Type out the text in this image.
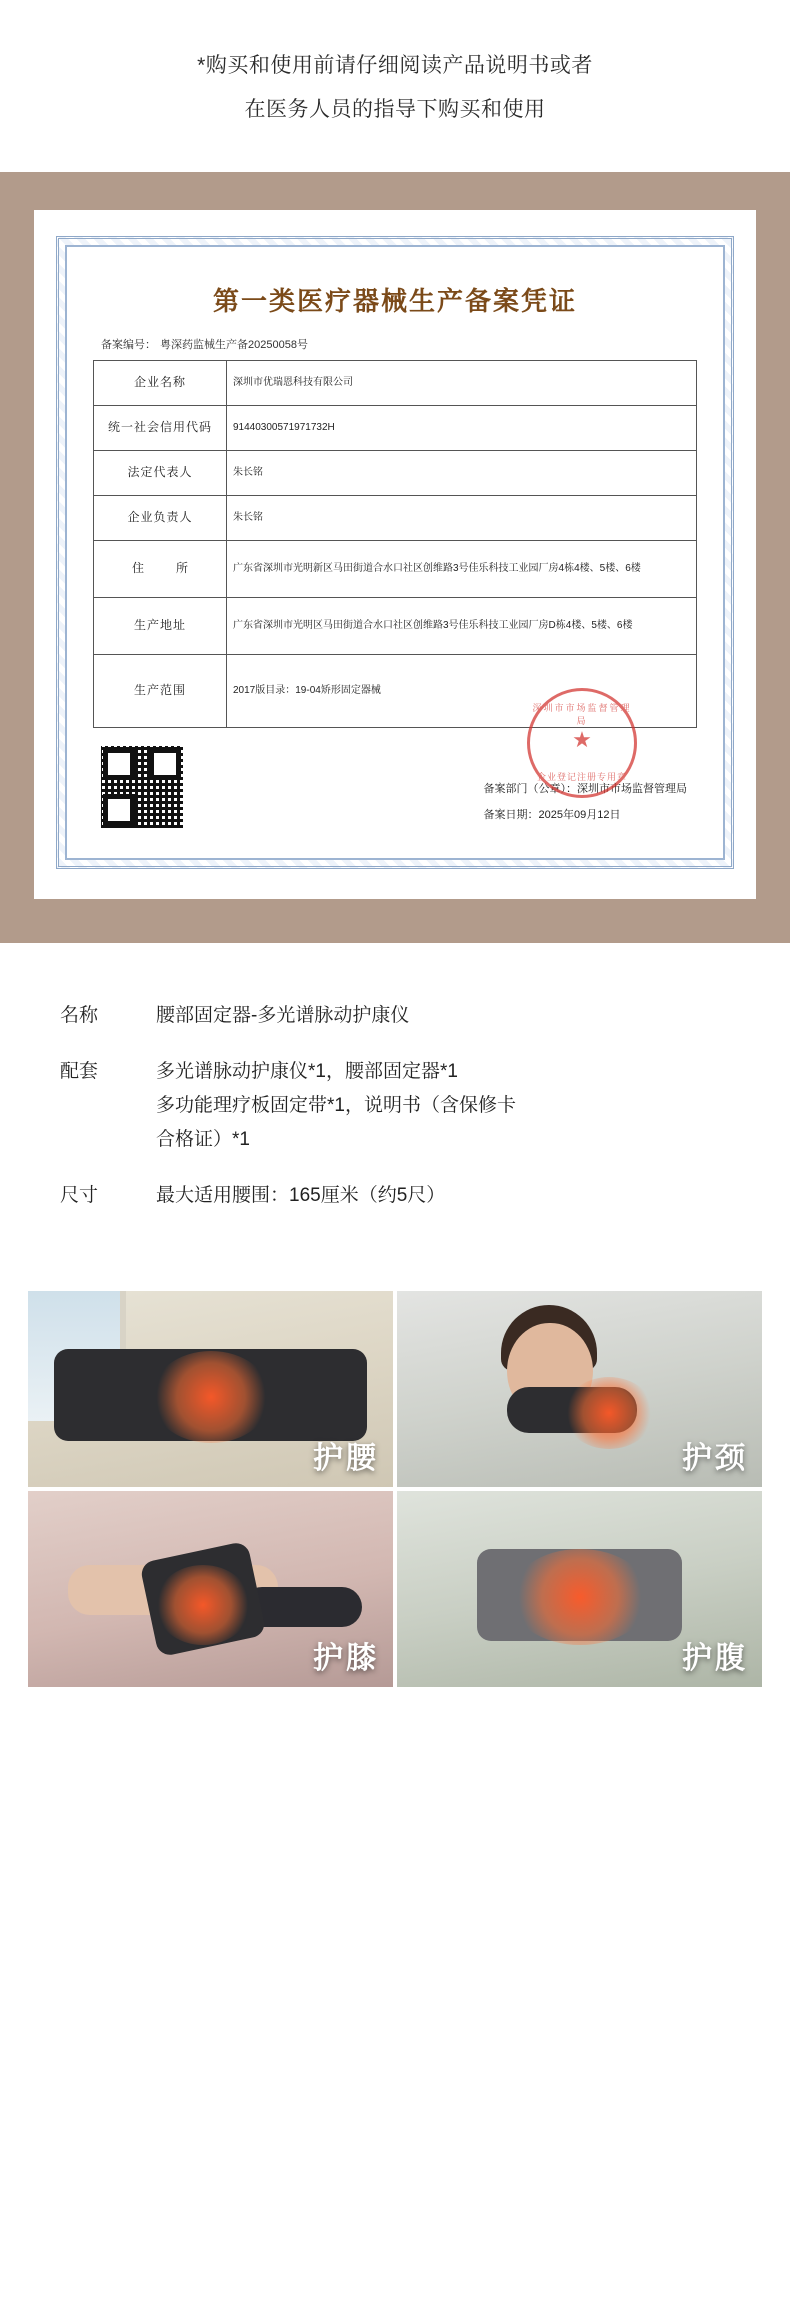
*购买和使用前请仔细阅读产品说明书或者
在医务人员的指导下购买和使用
第一类医疗器械生产备案凭证
备案编号： 粤深药监械生产备20250058号
企业名称	深圳市优瑞恩科技有限公司
统一社会信用代码	91440300571971732H
法定代表人	朱长铭
企业负责人	朱长铭
住　所	广东省深圳市光明新区马田街道合水口社区创维路3号佳乐科技工业园厂房4栋4楼、5楼、6楼
生产地址	广东省深圳市光明区马田街道合水口社区创维路3号佳乐科技工业园厂房D栋4楼、5楼、6楼
生产范围	2017版目录：19-04矫形固定器械
备案部门（公章）：深圳市市场监督管理局
备案日期：2025年09月12日
深圳市市场监督管理局
★
企业登记注册专用章
名称	腰部固定器-多光谱脉动护康仪
配套	多光谱脉动护康仪*1，腰部固定器*1
多功能理疗板固定带*1，说明书（含保修卡
合格证）*1
尺寸	最大适用腰围：165厘米（约5尺）
护腰	护颈
护膝	护腹
